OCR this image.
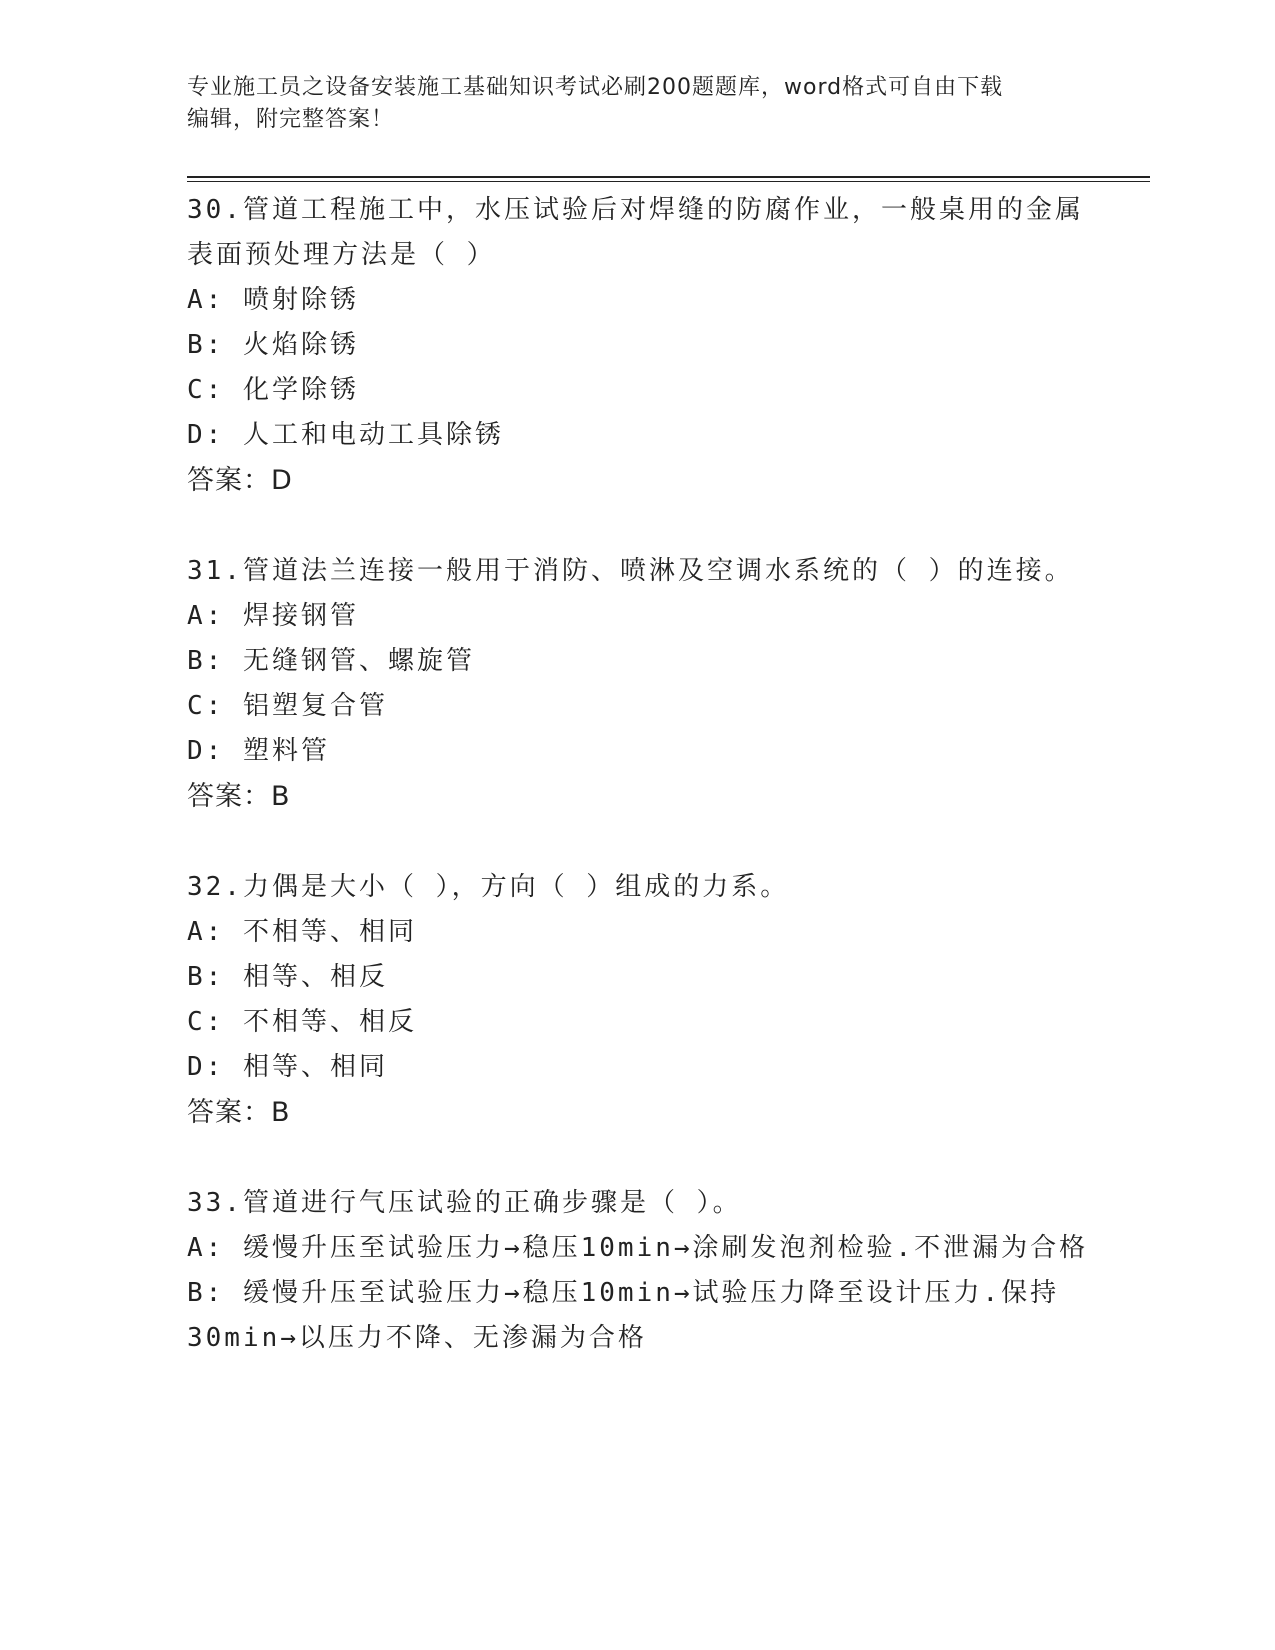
专业施工员之设备安装施工基础知识考试必刷200题题库，word格式可自由下载
编辑，附完整答案！
30.管道工程施工中，水压试验后对焊缝的防腐作业，一般桌用的金属
表面预处理方法是（ ）
A: 喷射除锈
B: 火焰除锈
C: 化学除锈
D: 人工和电动工具除锈
答案：D
31.管道法兰连接一般用于消防、喷淋及空调水系统的（ ）的连接。
A: 焊接钢管
B: 无缝钢管、螺旋管
C: 铝塑复合管
D: 塑料管
答案：B
32.力偶是大小（ ），方向（ ）组成的力系。
A: 不相等、相同
B: 相等、相反
C: 不相等、相反
D: 相等、相同
答案：B
33.管道进行气压试验的正确步骤是（ ）。
A: 缓慢升压至试验压力→稳压10min→涂刷发泡剂检验.不泄漏为合格
B: 缓慢升压至试验压力→稳压10min→试验压力降至设计压力.保持
30min→以压力不降、无渗漏为合格
